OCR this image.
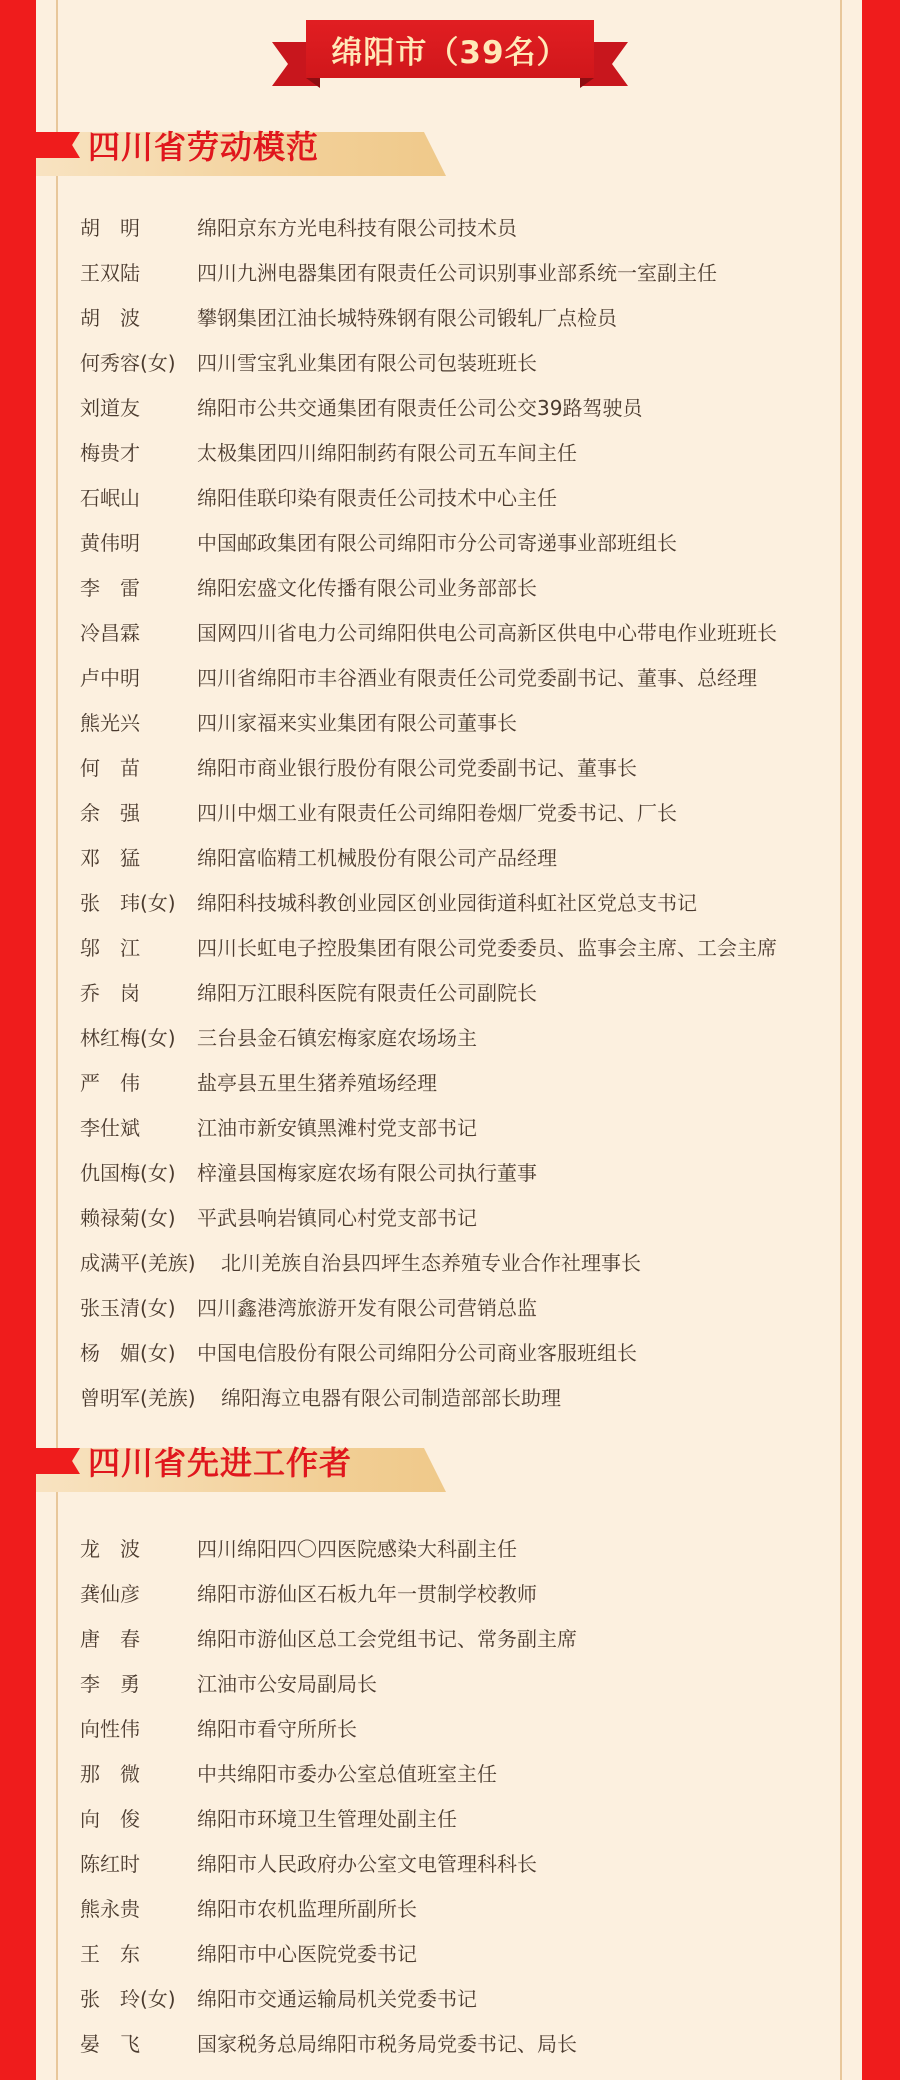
绵阳市（39名）
四川省劳动模范
胡　明	绵阳京东方光电科技有限公司技术员
王双陆	四川九洲电器集团有限责任公司识别事业部系统一室副主任
胡　波	攀钢集团江油长城特殊钢有限公司锻轧厂点检员
何秀容(女)	四川雪宝乳业集团有限公司包装班班长
刘道友	绵阳市公共交通集团有限责任公司公交39路驾驶员
梅贵才	太极集团四川绵阳制药有限公司五车间主任
石岷山	绵阳佳联印染有限责任公司技术中心主任
黄伟明	中国邮政集团有限公司绵阳市分公司寄递事业部班组长
李　雷	绵阳宏盛文化传播有限公司业务部部长
冷昌霖	国网四川省电力公司绵阳供电公司高新区供电中心带电作业班班长
卢中明	四川省绵阳市丰谷酒业有限责任公司党委副书记、董事、总经理
熊光兴	四川家福来实业集团有限公司董事长
何　苗	绵阳市商业银行股份有限公司党委副书记、董事长
余　强	四川中烟工业有限责任公司绵阳卷烟厂党委书记、厂长
邓　猛	绵阳富临精工机械股份有限公司产品经理
张　玮(女)	绵阳科技城科教创业园区创业园街道科虹社区党总支书记
邬　江	四川长虹电子控股集团有限公司党委委员、监事会主席、工会主席
乔　岗	绵阳万江眼科医院有限责任公司副院长
林红梅(女)	三台县金石镇宏梅家庭农场场主
严　伟	盐亭县五里生猪养殖场经理
李仕斌	江油市新安镇黑滩村党支部书记
仇国梅(女)	梓潼县国梅家庭农场有限公司执行董事
赖禄菊(女)	平武县响岩镇同心村党支部书记
成满平(羌族)	北川羌族自治县四坪生态养殖专业合作社理事长
张玉清(女)	四川鑫港湾旅游开发有限公司营销总监
杨　媚(女)	中国电信股份有限公司绵阳分公司商业客服班组长
曾明军(羌族)	绵阳海立电器有限公司制造部部长助理
四川省先进工作者
龙　波	四川绵阳四〇四医院感染大科副主任
龚仙彦	绵阳市游仙区石板九年一贯制学校教师
唐　春	绵阳市游仙区总工会党组书记、常务副主席
李　勇	江油市公安局副局长
向性伟	绵阳市看守所所长
那　微	中共绵阳市委办公室总值班室主任
向　俊	绵阳市环境卫生管理处副主任
陈红时	绵阳市人民政府办公室文电管理科科长
熊永贵	绵阳市农机监理所副所长
王　东	绵阳市中心医院党委书记
张　玲(女)	绵阳市交通运输局机关党委书记
晏　飞	国家税务总局绵阳市税务局党委书记、局长
